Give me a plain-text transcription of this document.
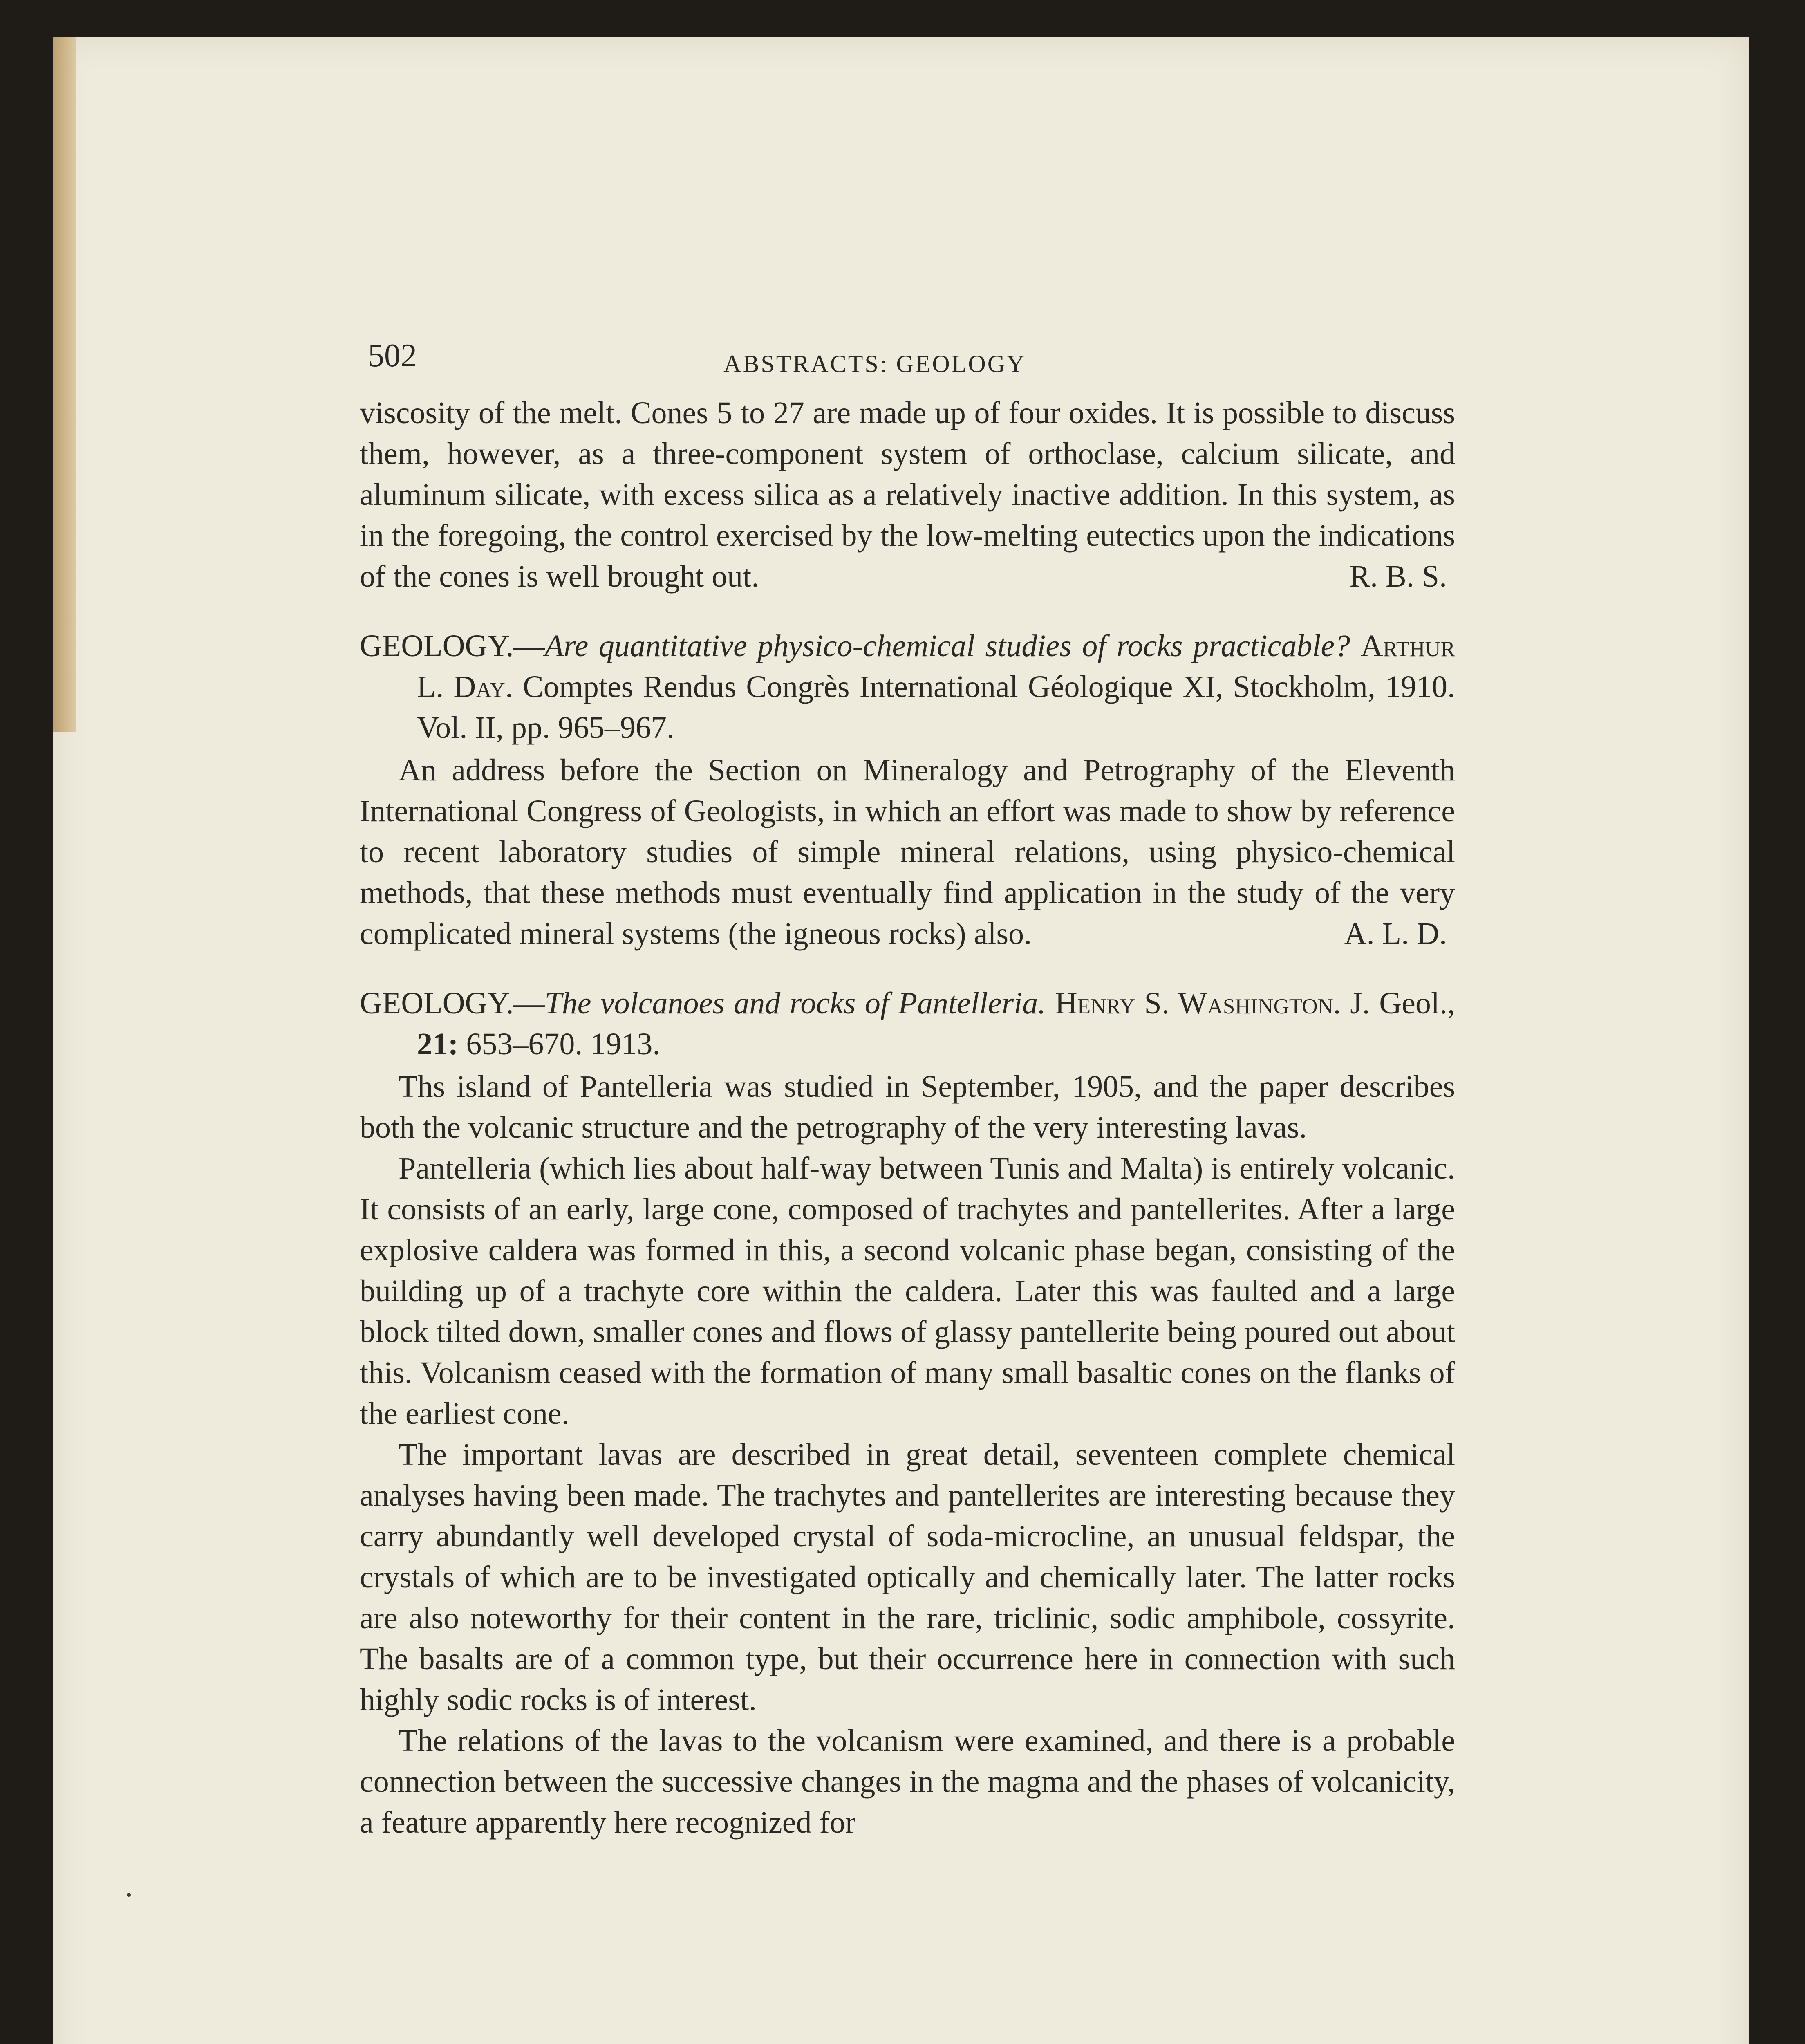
502	ABSTRACTS: GEOLOGY

viscosity of the melt. Cones 5 to 27 are made up of four oxides. It is possible to discuss them, however, as a three-component system of orthoclase, calcium silicate, and aluminum silicate, with excess silica as a relatively inactive addition. In this system, as in the foregoing, the control exercised by the low-melting eutectics upon the indications of the cones is well brought out.	R. B. S.

GEOLOGY.—Are quantitative physico-chemical studies of rocks practicable? Arthur L. Day. Comptes Rendus Congrès International Géologique XI, Stockholm, 1910. Vol. II, pp. 965–967.

An address before the Section on Mineralogy and Petrography of the Eleventh International Congress of Geologists, in which an effort was made to show by reference to recent laboratory studies of simple mineral relations, using physico-chemical methods, that these methods must eventually find application in the study of the very complicated mineral systems (the igneous rocks) also.	A. L. D.

GEOLOGY.—The volcanoes and rocks of Pantelleria. Henry S. Washington. J. Geol., 21: 653–670. 1913.

Ths island of Pantelleria was studied in September, 1905, and the paper describes both the volcanic structure and the petrography of the very interesting lavas.

Pantelleria (which lies about half-way between Tunis and Malta) is entirely volcanic. It consists of an early, large cone, composed of trachytes and pantellerites. After a large explosive caldera was formed in this, a second volcanic phase began, consisting of the building up of a trachyte core within the caldera. Later this was faulted and a large block tilted down, smaller cones and flows of glassy pantellerite being poured out about this. Volcanism ceased with the formation of many small basaltic cones on the flanks of the earliest cone.

The important lavas are described in great detail, seventeen complete chemical analyses having been made. The trachytes and pantellerites are interesting because they carry abundantly well developed crystal of soda-microcline, an unusual feldspar, the crystals of which are to be investigated optically and chemically later. The latter rocks are also noteworthy for their content in the rare, triclinic, sodic amphibole, cossyrite. The basalts are of a common type, but their occurrence here in connection with such highly sodic rocks is of interest.

The relations of the lavas to the volcanism were examined, and there is a probable connection between the successive changes in the magma and the phases of volcanicity, a feature apparently here recognized for
